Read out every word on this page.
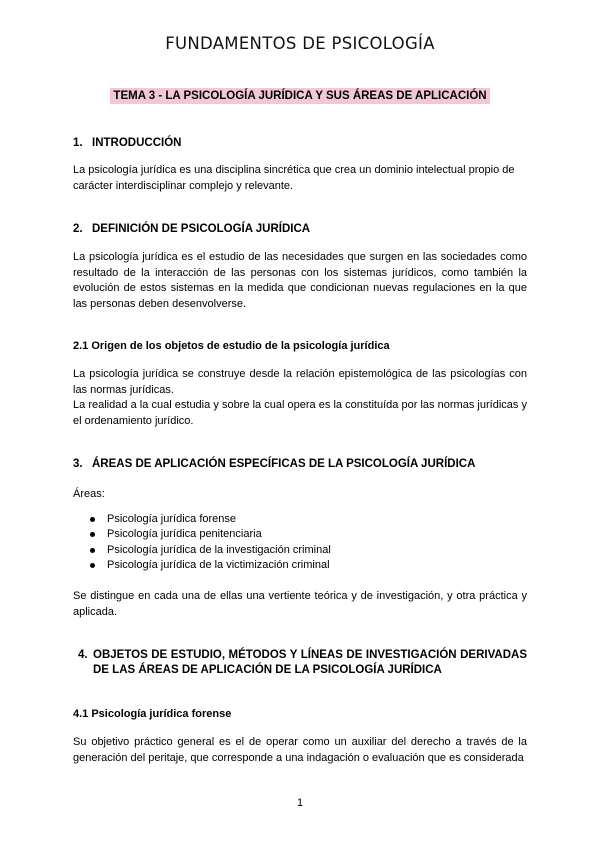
FUNDAMENTOS DE PSICOLOGÍA
TEMA 3 - LA PSICOLOGÍA JURÍDICA Y SUS ÁREAS DE APLICACIÓN
1. INTRODUCCIÓN

La psicología jurídica es una disciplina sincrética que crea un dominio intelectual propio de
carácter interdisciplinar complejo y relevante.

2. DEFINICIÓN DE PSICOLOGÍA JURÍDICA

La psicología jurídica es el estudio de las necesidades que surgen en las sociedades como resultado de la interacción de las personas con los sistemas jurídicos, como también la evolución de estos sistemas en la medida que condicionan nuevas regulaciones en la que las personas deben desenvolverse.

2.1 Origen de los objetos de estudio de la psicología jurídica

La psicología jurídica se construye desde la relación epistemológica de las psicologías con las normas jurídicas.

La realidad a la cual estudia y sobre la cual opera es la constituída por las normas jurídicas y el ordenamiento jurídico.

3. ÁREAS DE APLICACIÓN ESPECÍFICAS DE LA PSICOLOGÍA JURÍDICA

Áreas:

Psicología jurídica forense
Psicología jurídica penitenciaria
Psicología jurídica de la investigación criminal
Psicología jurídica de la victimización criminal

Se distingue en cada una de ellas una vertiente teórica y de investigación, y otra práctica y aplicada.

4. OBJETOS DE ESTUDIO, MÉTODOS Y LÍNEAS DE INVESTIGACIÓN DERIVADAS DE LAS ÁREAS DE APLICACIÓN DE LA PSICOLOGÍA JURÍDICA
4.1 Psicología jurídica forense

Su objetivo práctico general es el de operar como un auxiliar del derecho a través de la generación del peritaje, que corresponde a una indagación o evaluación que es considerada

1
